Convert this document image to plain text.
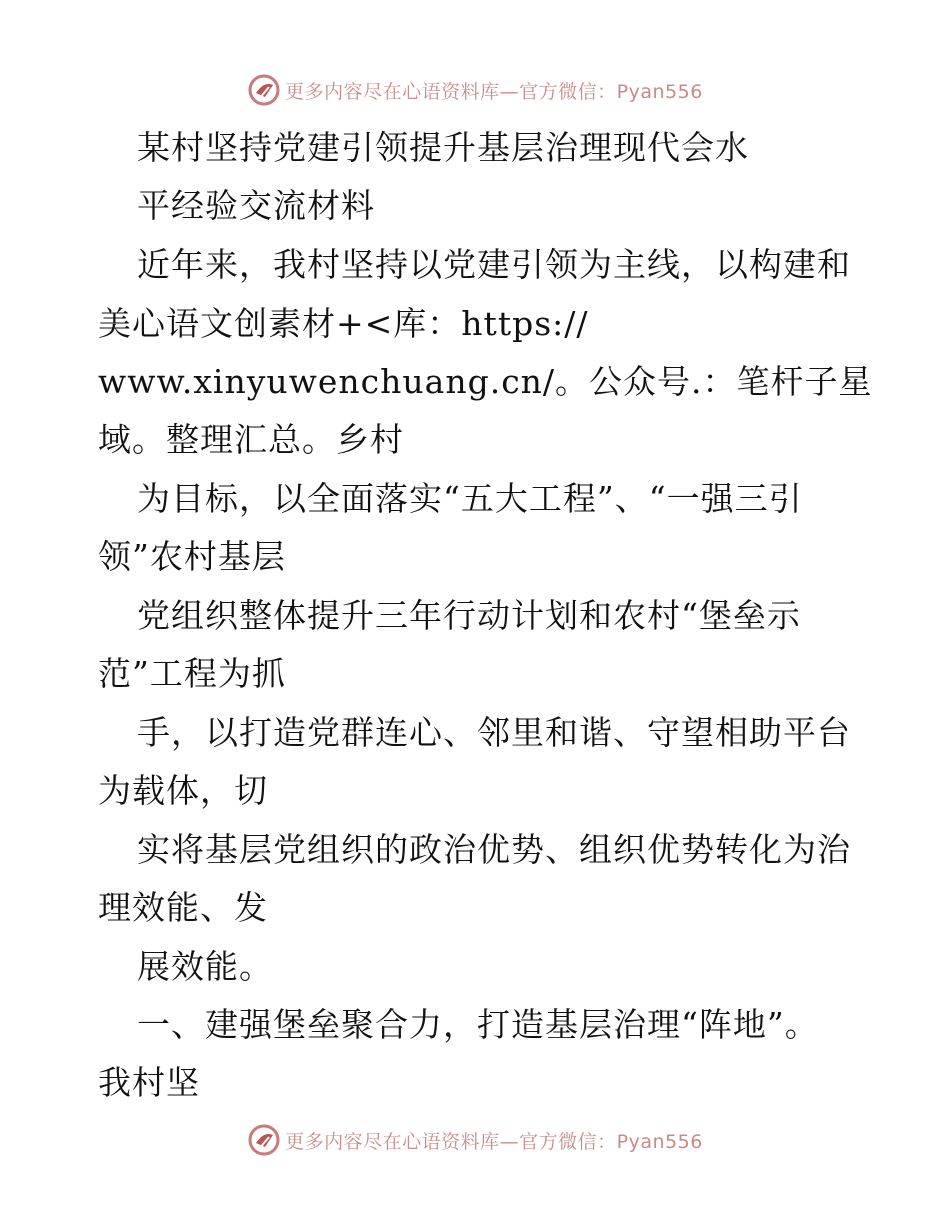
更多内容尽在心语资料库—官方微信：Pyan556
某村坚持党建引领提升基层治理现代会水
平经验交流材料
近年来，我村坚持以党建引领为主线，以构建和
美心语文创素材+<库：https://
www.xinyuwenchuang.cn/。公众号.：笔杆子星
域。整理汇总。乡村
为目标，以全面落实“五大工程”、“一强三引
领”农村基层
党组织整体提升三年行动计划和农村“堡垒示
范”工程为抓
手，以打造党群连心、邻里和谐、守望相助平台
为载体，切
实将基层党组织的政治优势、组织优势转化为治
理效能、发
展效能。
一、建强堡垒聚合力，打造基层治理“阵地”。
我村坚
更多内容尽在心语资料库—官方微信：Pyan556
